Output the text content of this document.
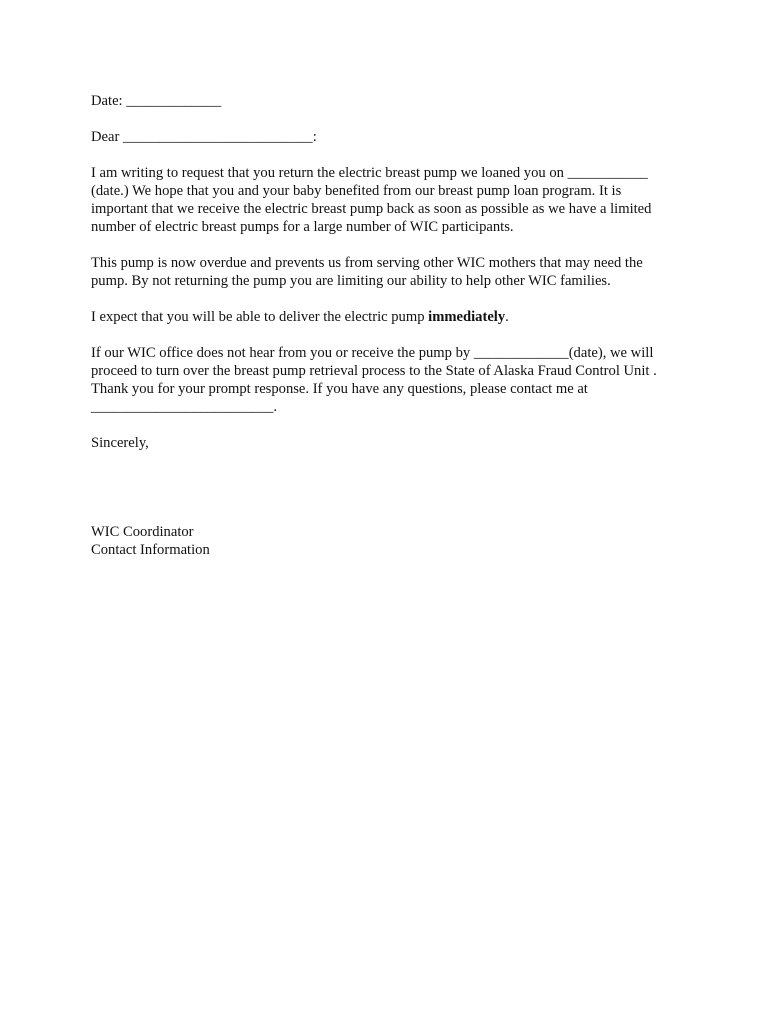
Date: _____________

Dear __________________________:

I am writing to request that you return the electric breast pump we loaned you on ___________
(date.) We hope that you and your baby benefited from our breast pump loan program. It is
important that we receive the electric breast pump back as soon as possible as we have a limited
number of electric breast pumps for a large number of WIC participants.

This pump is now overdue and prevents us from serving other WIC mothers that may need the
pump. By not returning the pump you are limiting our ability to help other WIC families.

I expect that you will be able to deliver the electric pump immediately.

If our WIC office does not hear from you or receive the pump by _____________(date), we will
proceed to turn over the breast pump retrieval process to the State of Alaska Fraud Control Unit .
Thank you for your prompt response. If you have any questions, please contact me at
_________________________.

Sincerely,

WIC Coordinator
Contact Information
